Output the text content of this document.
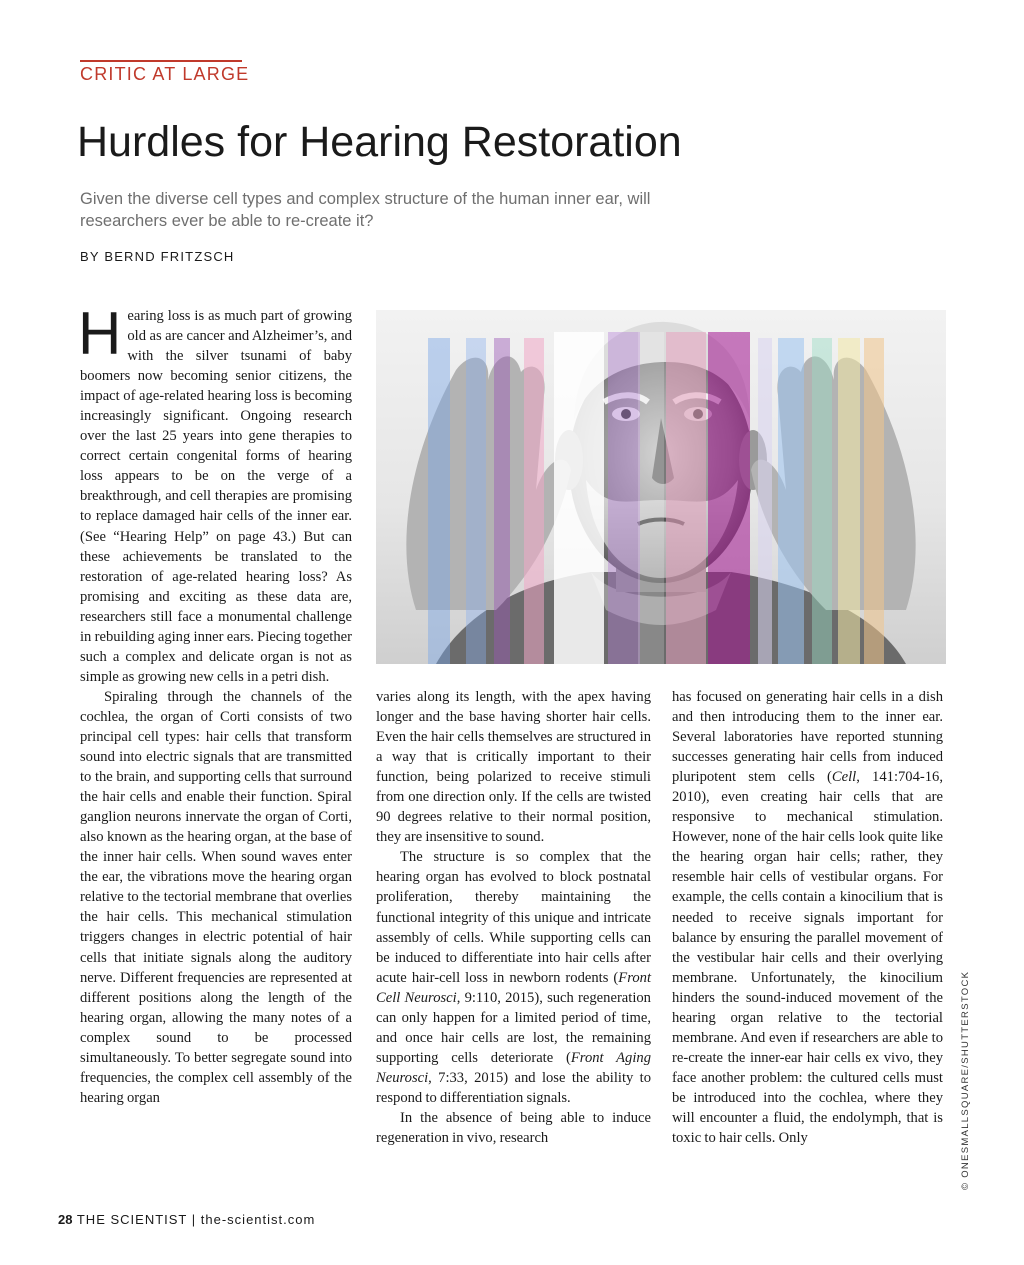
CRITIC AT LARGE
Hurdles for Hearing Restoration

Given the diverse cell types and complex structure of the human inner ear, will researchers ever be able to re-create it?

BY BERND FRITZSCH

Hearing loss is as much part of growing old as are cancer and Alzheimer’s, and with the silver tsunami of baby boomers now becoming senior citizens, the impact of age-related hearing loss is becoming increasingly significant. Ongoing research over the last 25 years into gene therapies to correct certain congenital forms of hearing loss appears to be on the verge of a breakthrough, and cell therapies are promising to replace damaged hair cells of the inner ear. (See “Hearing Help” on page 43.) But can these achievements be translated to the restoration of age-related hearing loss? As promising and exciting as these data are, researchers still face a monumental challenge in rebuilding aging inner ears. Piecing together such a complex and delicate organ is not as simple as growing new cells in a petri dish.

Spiraling through the channels of the cochlea, the organ of Corti consists of two principal cell types: hair cells that transform sound into electric signals that are transmitted to the brain, and supporting cells that surround the hair cells and enable their function. Spiral ganglion neurons innervate the organ of Corti, also known as the hearing organ, at the base of the inner hair cells. When sound waves enter the ear, the vibrations move the hearing organ relative to the tectorial membrane that overlies the hair cells. This mechanical stimulation triggers changes in electric potential of hair cells that initiate signals along the auditory nerve. Different frequencies are represented at different positions along the length of the hearing organ, allowing the many notes of a complex sound to be processed simultaneously. To better segregate sound into frequencies, the complex cell assembly of the hearing organ

varies along its length, with the apex having longer and the base having shorter hair cells. Even the hair cells themselves are structured in a way that is critically important to their function, being polarized to receive stimuli from one direction only. If the cells are twisted 90 degrees relative to their normal position, they are insensitive to sound.

The structure is so complex that the hearing organ has evolved to block postnatal proliferation, thereby maintaining the functional integrity of this unique and intricate assembly of cells. While supporting cells can be induced to differentiate into hair cells after acute hair-cell loss in newborn rodents (Front Cell Neurosci, 9:110, 2015), such regeneration can only happen for a limited period of time, and once hair cells are lost, the remaining supporting cells deteriorate (Front Aging Neurosci, 7:33, 2015) and lose the ability to respond to differentiation signals.

In the absence of being able to induce regeneration in vivo, research

has focused on generating hair cells in a dish and then introducing them to the inner ear. Several laboratories have reported stunning successes generating hair cells from induced pluripotent stem cells (Cell, 141:704-16, 2010), even creating hair cells that are responsive to mechanical stimulation. However, none of the hair cells look quite like the hearing organ hair cells; rather, they resemble hair cells of vestibular organs. For example, the cells contain a kinocilium that is needed to receive signals important for balance by ensuring the parallel movement of the vestibular hair cells and their overlying membrane. Unfortunately, the kinocilium hinders the sound-induced movement of the hearing organ relative to the tectorial membrane. And even if researchers are able to re-create the inner-ear hair cells ex vivo, they face another problem: the cultured cells must be introduced into the cochlea, where they will encounter a fluid, the endolymph, that is toxic to hair cells. Only	© ONESMALLSQUARE/SHUTTERSTOCK
28 THE SCIENTIST | the-scientist.com
